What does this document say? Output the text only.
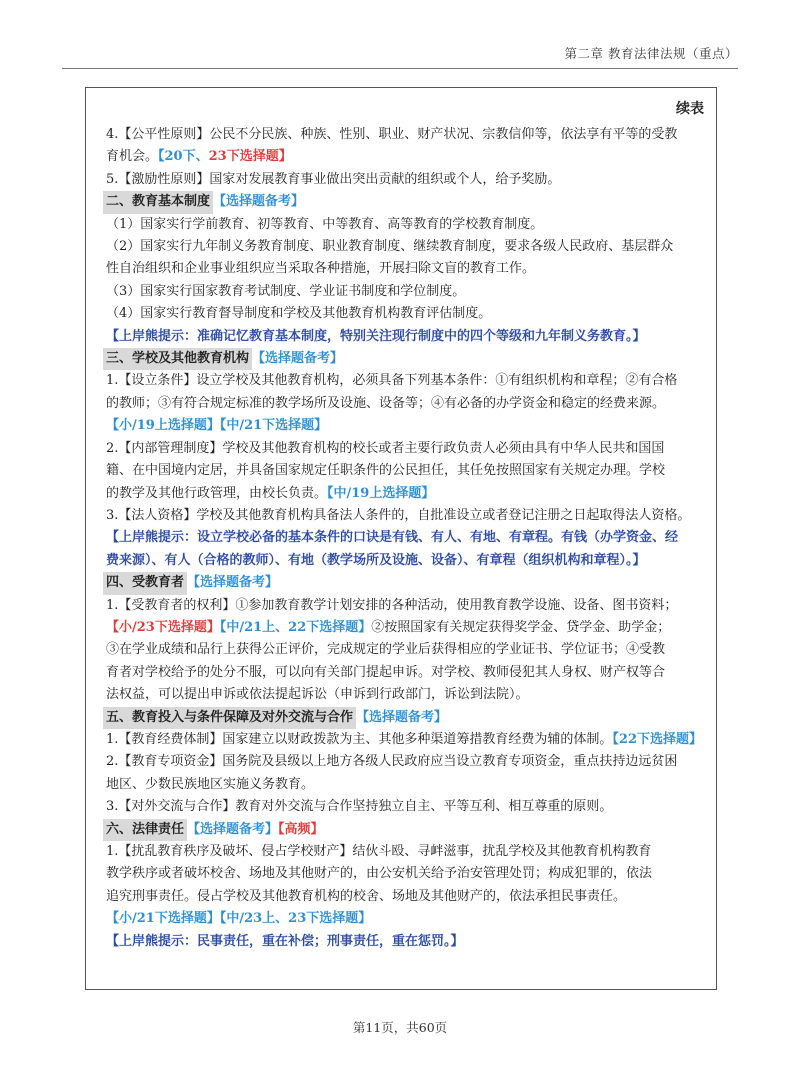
第二章 教育法律法规（重点）
续表

4.【公平性原则】公民不分民族、种族、性别、职业、财产状况、宗教信仰等，依法享有平等的受教

育机会。【20下、23下选择题】

5.【激励性原则】国家对发展教育事业做出突出贡献的组织或个人，给予奖励。

二、教育基本制度 【选择题备考】

（1）国家实行学前教育、初等教育、中等教育、高等教育的学校教育制度。

（2）国家实行九年制义务教育制度、职业教育制度、继续教育制度，要求各级人民政府、基层群众

性自治组织和企业事业组织应当采取各种措施，开展扫除文盲的教育工作。

（3）国家实行国家教育考试制度、学业证书制度和学位制度。

（4）国家实行教育督导制度和学校及其他教育机构教育评估制度。

【上岸熊提示：准确记忆教育基本制度，特别关注现行制度中的四个等级和九年制义务教育。】

三、学校及其他教育机构 【选择题备考】

1.【设立条件】设立学校及其他教育机构，必须具备下列基本条件：①有组织机构和章程；②有合格

的教师；③有符合规定标准的教学场所及设施、设备等；④有必备的办学资金和稳定的经费来源。

【小/19上选择题】【中/21下选择题】

2.【内部管理制度】学校及其他教育机构的校长或者主要行政负责人必须由具有中华人民共和国国

籍、在中国境内定居，并具备国家规定任职条件的公民担任，其任免按照国家有关规定办理。学校

的教学及其他行政管理，由校长负责。【中/19上选择题】

3.【法人资格】学校及其他教育机构具备法人条件的，自批准设立或者登记注册之日起取得法人资格。

【上岸熊提示：设立学校必备的基本条件的口诀是有钱、有人、有地、有章程。有钱（办学资金、经

费来源）、有人（合格的教师）、有地（教学场所及设施、设备）、有章程（组织机构和章程）。】

四、受教育者 【选择题备考】

1.【受教育者的权利】①参加教育教学计划安排的各种活动，使用教育教学设施、设备、图书资料；

【小/23下选择题】【中/21上、22下选择题】②按照国家有关规定获得奖学金、贷学金、助学金；

③在学业成绩和品行上获得公正评价，完成规定的学业后获得相应的学业证书、学位证书；④受教

育者对学校给予的处分不服，可以向有关部门提起申诉。对学校、教师侵犯其人身权、财产权等合

法权益，可以提出申诉或依法提起诉讼（申诉到行政部门，诉讼到法院）。

五、教育投入与条件保障及对外交流与合作 【选择题备考】

1.【教育经费体制】国家建立以财政拨款为主、其他多种渠道筹措教育经费为辅的体制。【22下选择题】

2.【教育专项资金】国务院及县级以上地方各级人民政府应当设立教育专项资金，重点扶持边远贫困

地区、少数民族地区实施义务教育。

3.【对外交流与合作】教育对外交流与合作坚持独立自主、平等互利、相互尊重的原则。

六、法律责任 【选择题备考】【高频】

1.【扰乱教育秩序及破坏、侵占学校财产】结伙斗殴、寻衅滋事，扰乱学校及其他教育机构教育

教学秩序或者破坏校舍、场地及其他财产的，由公安机关给予治安管理处罚；构成犯罪的，依法

追究刑事责任。侵占学校及其他教育机构的校舍、场地及其他财产的，依法承担民事责任。

【小/21下选择题】【中/23上、23下选择题】

【上岸熊提示：民事责任，重在补偿；刑事责任，重在惩罚。】

第11页，共60页
